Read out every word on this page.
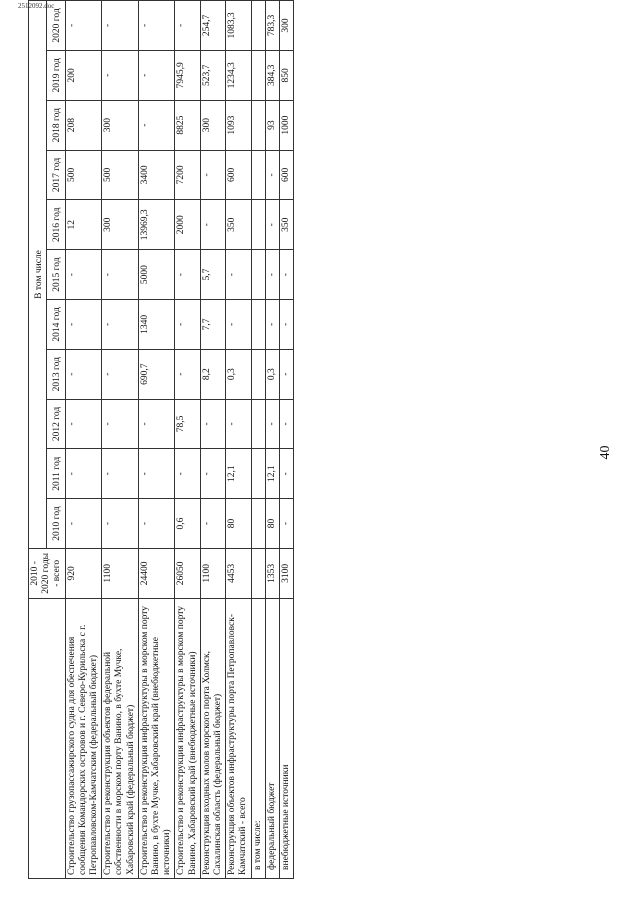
40
	2010 - 2020 годы - всего	В том числе										
		2010 год	2011 год	2012 год	2013 год	2014 год	2015 год	2016 год	2017 год	2018 год	2019 год	2020 год
Строительство грузопассажирского судна для обеспечения сообщения Командорских островов и г. Северо-Курильска с г. Петропавловском-Камчатским (федеральный бюджет)	920	-	-	-	-	-	-	12	500	208	200	-
Строительство и реконструкция объектов федеральной собственности в морском порту Ванино, в бухте Мучке, Хабаровский край (федеральный бюджет)	1100	-	-	-	-	-	-	300	500	300	-	-
Строительство и реконструкция инфраструктуры в морском порту Ванино, в бухте Мучке, Хабаровский край (внебюджетные источники)	24400	-	-	-	690,7	1340	5000	13969,3	3400	-	-	-
Строительство и реконструкция инфраструктуры в морском порту Ванино, Хабаровский край (внебюджетные источники)	26050	0,6	-	78,5	-	-	-	2000	7200	8825	7945,9	-
Реконструкция входных молов морского порта Холмск, Сахалинская область (федеральный бюджет)	1100	-	-	-	8,2	7,7	5,7	-	-	300	523,7	254,7
Реконструкция объектов инфраструктуры порта Петропавловск-Камчатский - всего	4453	80	12,1	-	0,3	-	-	350	600	1093	1234,3	1083,3
в том числе:												
федеральный бюджет	1353	80	12,1	-	0,3	-	-	-	-	93	384,3	783,3
внебюджетные источники	3100	-	-	-	-	-	-	350	600	1000	850	300
2512092.doc
